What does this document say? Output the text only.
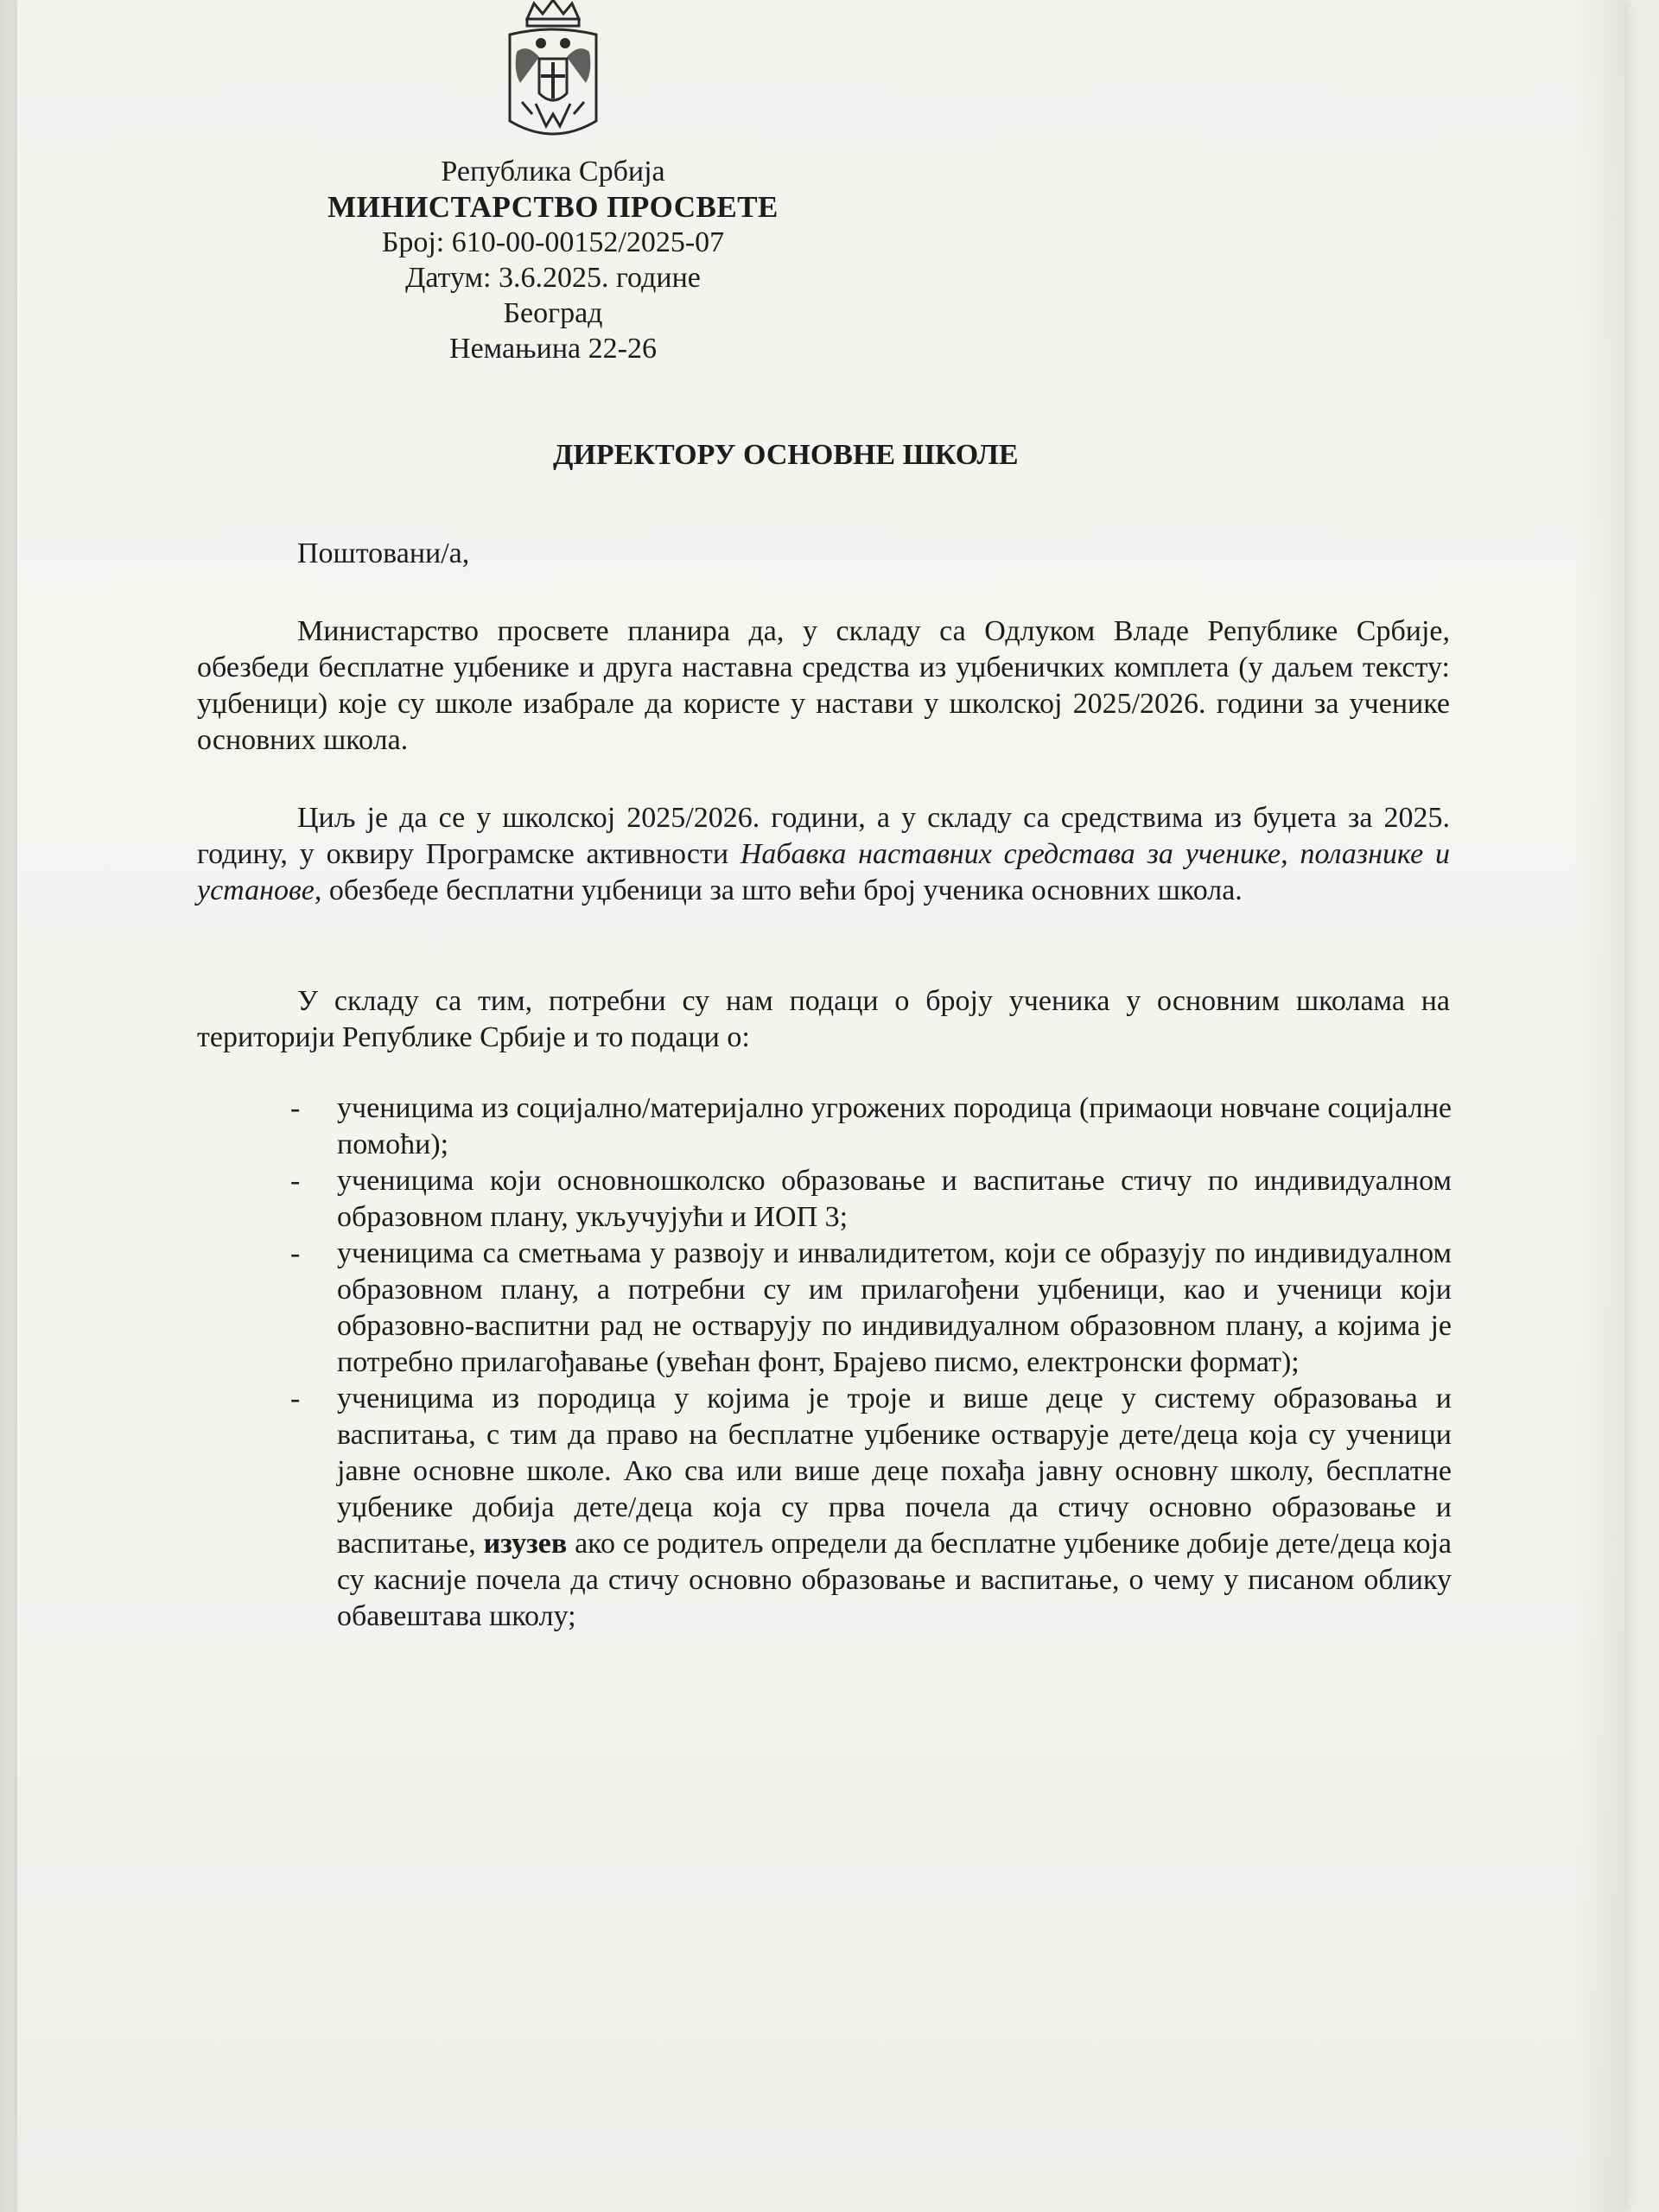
Република Србија
МИНИСТАРСТВО ПРОСВЕТЕ
Број: 610-00-00152/2025-07
Датум: 3.6.2025. године
Београд
Немањина 22-26
ДИРЕКТОРУ ОСНОВНЕ ШКОЛЕ
Поштовани/а,
Министарство просвете планира да, у складу са Одлуком Владе Републике Србије, обезбеди бесплатне уџбенике и друга наставна средства из уџбеничких комплета (у даљем тексту: уџбеници) које су школе изабрале да користе у настави у школској 2025/2026. години за ученике основних школа.
Циљ је да се у школској 2025/2026. години, а у складу са средствима из буџета за 2025. годину, у оквиру Програмске активности Набавка наставних средстава за ученике, полазнике и установе, обезбеде бесплатни уџбеници за што већи број ученика основних школа.
У складу са тим, потребни су нам подаци о броју ученика у основним школама на територији Републике Србије и то подаци о:
- ученицима из социјално/материјално угрожених породица (примаоци новчане социјалне помоћи);
- ученицима који основношколско образовање и васпитање стичу по индивидуалном образовном плану, укључујући и ИОП 3;
- ученицима са сметњама у развоју и инвалидитетом, који се образују по индивидуалном образовном плану, а потребни су им прилагођени уџбеници, као и ученици који образовно-васпитни рад не остварују по индивидуалном образовном плану, а којима је потребно прилагођавање (увећан фонт, Брајево писмо, електронски формат);
- ученицима из породица у којима је троје и више деце у систему образовања и васпитања, с тим да право на бесплатне уџбенике остварује дете/деца која су ученици јавне основне школе. Ако сва или више деце похађа јавну основну школу, бесплатне уџбенике добија дете/деца која су прва почела да стичу основно образовање и васпитање, изузев ако се родитељ определи да бесплатне уџбенике добије дете/деца која су касније почела да стичу основно образовање и васпитање, о чему у писаном облику обавештава школу;
